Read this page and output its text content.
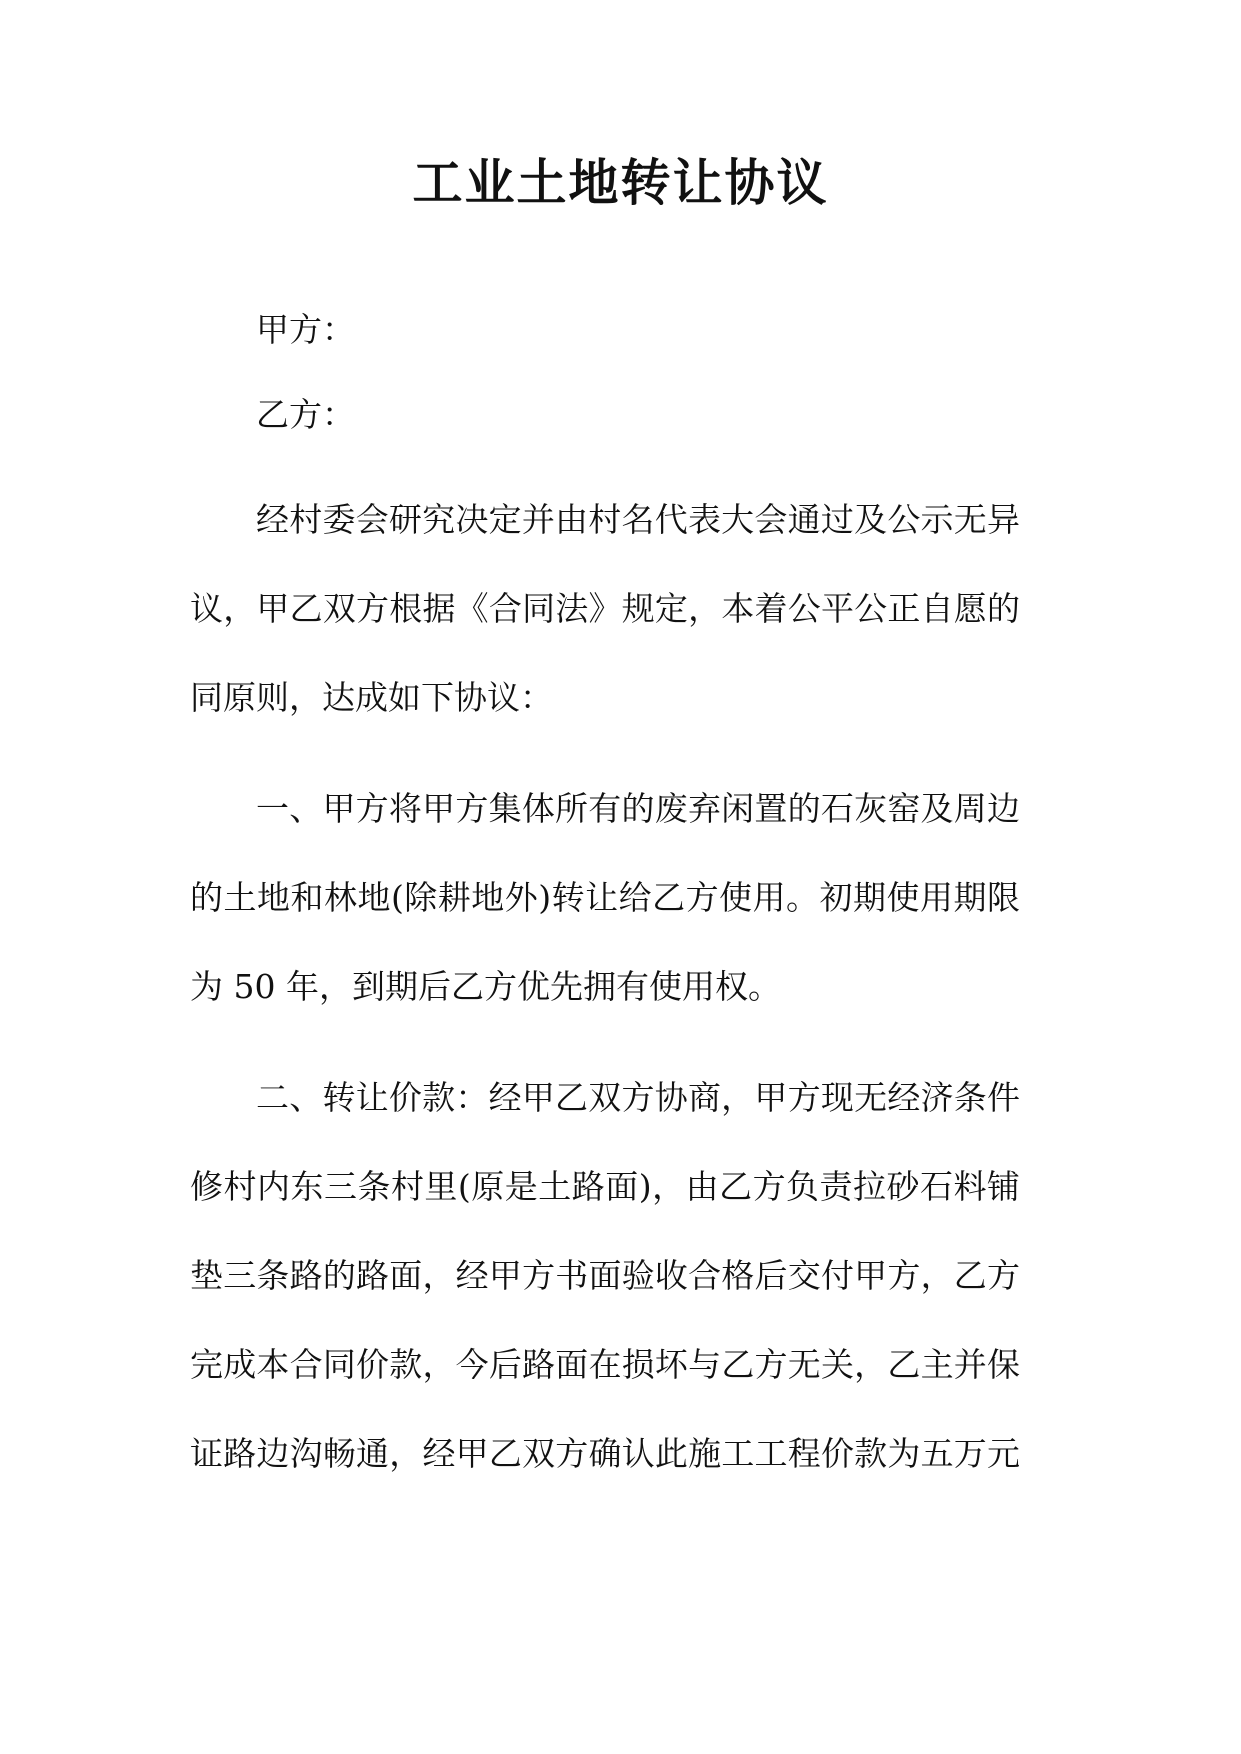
工业土地转让协议
甲方：
乙方：
经村委会研究决定并由村名代表大会通过及公示无异
议，甲乙双方根据《合同法》规定，本着公平公正自愿的
同原则，达成如下协议：
一、甲方将甲方集体所有的废弃闲置的石灰窑及周边
的土地和林地(除耕地外)转让给乙方使用。初期使用期限
为 50 年，到期后乙方优先拥有使用权。
二、转让价款：经甲乙双方协商，甲方现无经济条件
修村内东三条村里(原是土路面)，由乙方负责拉砂石料铺
垫三条路的路面，经甲方书面验收合格后交付甲方，乙方
完成本合同价款，今后路面在损坏与乙方无关，乙主并保
证路边沟畅通，经甲乙双方确认此施工工程价款为五万元
